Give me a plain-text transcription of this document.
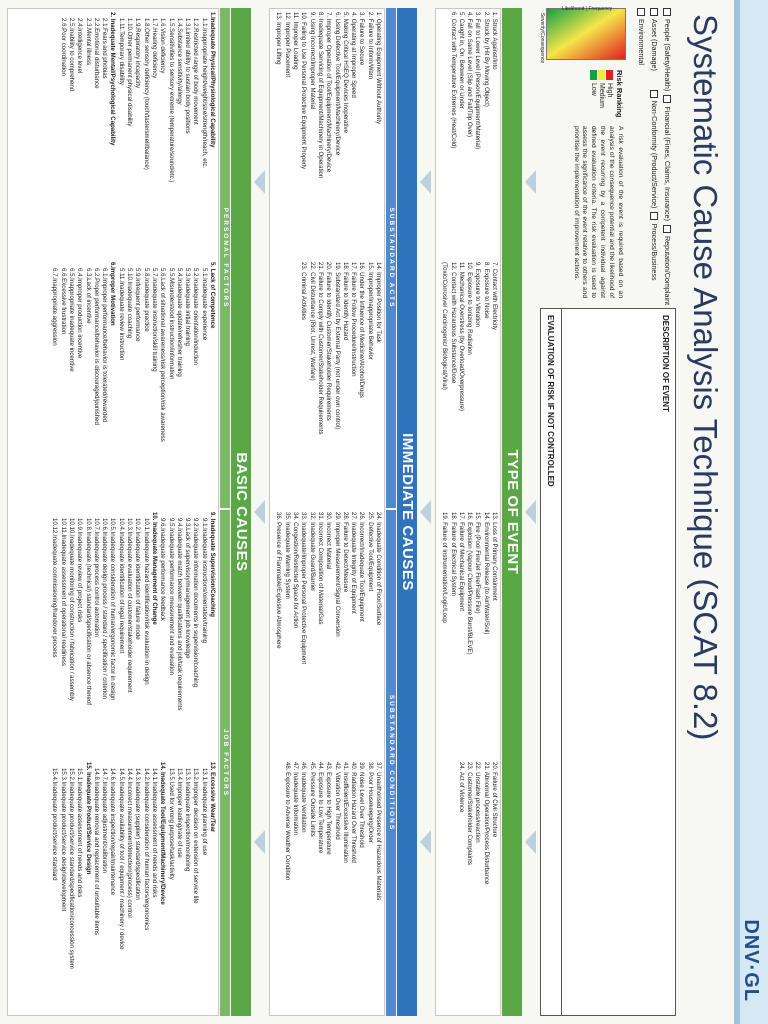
DNV·GL
Systematic Cause Analysis Technique (SCAT 8.2)
People (Safety/Health)
Financial (Fines, Claims, Insurance)
Reputation/Complaint
Asset (Damage)
Non-Conformity (Product/Service)
Process/Business
Environmental
Likelihood | Frequency
Severity/Consequence
Risk Ranking
High
Medium
Low
A risk evaluation of the event is required based on an analysis of the consequence potential and the likelihood of the event recurring by a competent individual against defined evaluation criteria. The risk evaluation is used to assess the significance of the event relative to others and prioritise the implementation of improvement actions.
DESCRIPTION OF EVENT
EVALUATION OF RISK IF NOT CONTROLLED
TYPE OF EVENT
1. Struck Against/Into
2. Struck by (Hit By Moving Object)
3. Fall to Lower Level (Person/Equipment/Material)
4. Fall on Same Level (Slip and Fall/Trip Over)
5. Caught in, On, Between or Under
6. Contact with Temperature Extremes (Heat/Cold)
7. Contact with Electricity
8. Exposure to Noise
9. Exposure to Vibration
10. Exposure to Ionizing Radiation
11. Mechanical Overstress (by Overload/Overpressure)
12. Contact with Hazardous Substance/Dose
(Toxic/Corrosive/ Carcinogenic/ Biological/Viral)
13. Loss of Primary Containment
14. Environmental Release (to Air/Water/Soil)
15. Fire (Pool Fire/Jet Fire/Flash Fire)
16. Explosion (Vapour Cloud/Pressure Burst/BLEVE)
17. Failure of Mechanical Equipment
18. Failure of Electrical System
19. Failure of Instrumentation/Logic/Loop
20. Failure of Civil Structure
21. Abnormal Operation/Process Disturbance
22. Unstable process/reaction
23. Customer/Stakeholder Complaints
24. Act of Violence
IMMEDIATE CAUSES
SUBSTANDARD ACTS
SUBSTANDARD CONDITIONS
1. Operating Equipment Without Authority
2. Failure to Inform/Warn
3. Failure to Secure
4. Operating at Improper Speed
5. Making Critical HSEQ Devices Inoperative
6. Using Defective Tool/Equipment/Machinery/Device
7. Improper Operation of Tool/Equipment/Machinery/Device
8. Inadequate Servicing of Equipment/Machinery in Operation
9. Using Incorrect/Improper Material
10. Failing to Use Personal Protective Equipment Properly
11. Improper Loading
12. Improper Placement
13. Improper Lifting
14. Improper Position for Task
15. Improper/Inappropriate Behavior
16. Under the Influence of Medicine/Alcohol/Drugs
17. Failure to Follow Procedure/Instruction
18. Failure to Identify Hazard
19. Substandard Act by External Party (not under own control)
20. Failure to Identify Customer/Stakeholder Requirements
21. Failure to Comply with Customer/Stakeholder Requirements
22. Civil Disturbance (Riot, Unrest, Warfare)
23. Criminal Activities
24. Inadequate Condition of Floor/Surface
25. Defective Tool/Equipment
26. Incorrect/Inadequate Tool/Equipment
27. Inadequate Integrity of Equipment
28. Failure to Detect/Measure
29. Improper Measurement/Signal Conversion
30. Incorrect Material
31. Incorrect Composition of Material/Gas
32. Inadequate Guard/Barrier
33. Inadequate/Improper Personal Protective Equipment
34. Congestion/Restricted Space for Action
35. Inadequate Warning System
36. Presence of Flammable/Explosive Atmosphere
37. Unauthorised Presence of Hazardous Materials
38. Poor Housekeeping/Order
39. Noise Level Over Threshold
40. Radiation Hazard Over Threshold
41. Insufficient/Excessive Illumination
42. Vibration Over Threshold
43. Exposure to High Temperature
44. Exposure to Low Temperature
45. Pressure Outside Limits
46. Inadequate Ventilation
47. Inadequate Information
48. Exposure to Adverse Weather Condition
BASIC CAUSES
PERSONAL FACTORS
JOB FACTORS
1.Inadequate Physical/Physiological Capability
1.1.Inappropriate height/weight/size/strength/reach, etc.
1.2.Restricted range of body movement
1.3.Limited ability to sustain body positions
1.4.Substance sensitivity/allergy
1.5.Sensitivities to sensory extreme (temperature/sound/etc.)
1.6.Vision deficiency
1.7.Hearing deficiency
1.8.Other sensory deficiency (touch/taste/smell/balance)
1.9.Respiratory incapacity
1.10.Other permanent physical disability
1.11.Temporary disability
2. Inadequate Mental/Psychological Capability
2.1.Fears and phobias
2.2.Emotional disturbance
2.3.Mental illness
2.4.Intelligence level
2.5.Inability to comprehend
2.6.Poor coordination
5. Lack of Competence
5.1.Inadequate experience
5.2.Inadequate orientation/induction
5.3.Inadequate initial training
5.4.Inadequate update/refresher training
5.5.Misunderstood instruction/information
5.6.Lack of situational awareness/risk perception/risk awareness
5.7.Inadequate instruction/skill training
5.8.Inadequate practice
5.9.Infrequent performance
5.10.Inadequate coaching
5.11.Inadequate review instruction
6.Improper Motivation
6.1.Improper performance/behavior is tolerated/rewarded
6.2.Proper performance/behavior is discouraged/punished
6.3.Lack of incentive
6.4.Improper production incentive
6.5.Inappropriate inadequate incentive
6.6.Excessive frustration
6.7.Inappropriate aggression
9. Inadequate Supervision/Coaching
9.1.Inadequate instructions/orientation/training
9.2.Inadequate information documents in supervision/coaching
9.3.Lack of supervisory/management job knowledge
9.4.Inadequate match between qualifications and job/task requirements
9.5.Inadequate performance measurement and evaluation
9.6.Inadequate performance feedback
10. Inadequate Management of Change
10.1.Inadequate hazard identification/risk evaluation in design
10.2.Inadequate identification of failure mode
10.3.Inadequate evaluation of customer/stakeholder requirement
10.4.Inadequate identification of legal requirement
10.5.Inadequate consideration of human/ergonomic factor in design
10.6.Inadequate design process / standard / specification / criterion
10.7.Inadequate process control automation
10.8.Inadequate (technical) standard/specification or absence thereof
10.9.Inadequate review of project risks
10.10.Inadequate monitoring of construction / fabrication / assembly
10.11.Inadequate assessment of operational readiness
10.12.Inadequate commissioning/handover process
13. Excessive Wear/Tear
13.1.Inadequate planning of use
13.2.Improper decision on extension of service life
13.3.Inadequate inspection/monitoring
13.4.Improper loading/rate of use
13.5.Used for wrong purpose/task/activity
14. Inadequate Tool/Equipment/Machinery/Device
14.1.Inadequate assessment of needs and risks
14.2.Inadequate consideration of human factors/ergonomics
14.3.Inadequate (supplier) standard/specification
14.4.Incorrect measurement/detection/(process) control
14.5.Inadequate availability of tool / equipment / machinery / device
14.6.Inadequate inspection/repair/maintenance
14.7.Inadequate adjustment/calibration
14.8.Inadequate removal and replacement of unsuitable items
15. Inadequate Product/Service Design
15.1.Inadequate assessment of needs and risks
15.2.Inadequate product/service standard/specification/concession system
15.3.Inadequate product/service design/development
15.4.Inadequate product/service standard
